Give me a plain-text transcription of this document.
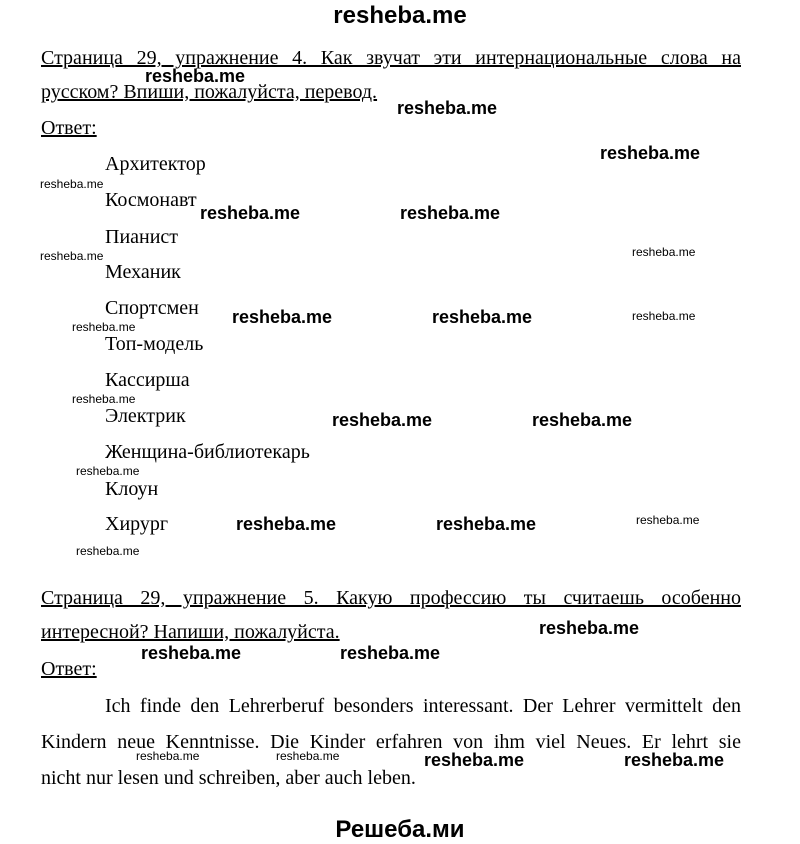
resheba.me
Страница 29, упражнение 4. Как звучат эти интернациональные слова на
русском? Впиши, пожалуйста, перевод.
Ответ:
Архитектор
Космонавт
Пианист
Механик
Спортсмен
Топ-модель
Кассирша
Электрик
Женщина-библиотекарь
Клоун
Хирург
Страница 29, упражнение 5. Какую профессию ты считаешь особенно
интересной? Напиши, пожалуйста.
Ответ:
Ich finde den Lehrerberuf besonders interessant. Der Lehrer vermittelt den
Kindern neue Kenntnisse. Die Kinder erfahren von ihm viel Neues. Er lehrt sie
nicht nur lesen und schreiben, aber auch leben.
resheba.me
resheba.me
resheba.me
resheba.me	resheba.me
resheba.me	resheba.me
resheba.me	resheba.me
resheba.me	resheba.me
resheba.me
resheba.me	resheba.me
resheba.me	resheba.me
resheba.me
resheba.me	resheba.me
resheba.me
resheba.me
resheba.me
resheba.me
resheba.me
resheba.me
resheba.me	resheba.me
Решеба.ми
